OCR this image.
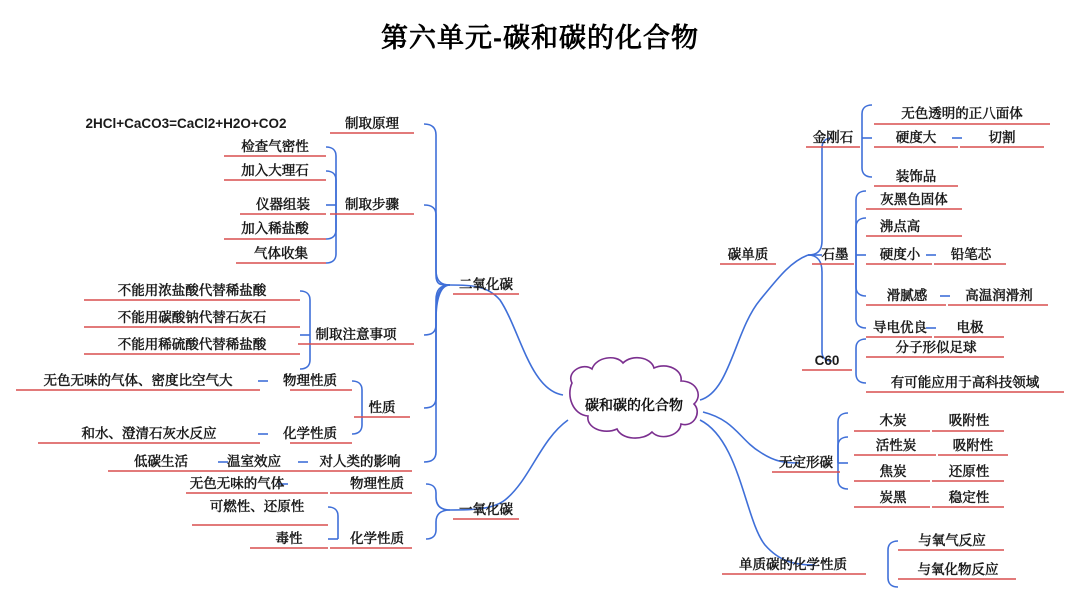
第六单元-碳和碳的化合物
碳和碳的化合物
二氧化碳
2HCl+CaCO3=CaCl2+H2O+CO2	制取原理
检查气密性
加入大理石
仪器组装
加入稀盐酸
气体收集
制取步骤
不能用浓盐酸代替稀盐酸
不能用碳酸钠代替石灰石
不能用稀硫酸代替稀盐酸
制取注意事项
性质
物理性质
无色无味的气体、密度比空气大
化学性质
和水、澄清石灰水反应
对人类的影响
温室效应
低碳生活
一氧化碳
物理性质
无色无味的气体
化学性质
可燃性、还原性
毒性
碳单质
金刚石
无色透明的正八面体
硬度大	切割
装饰品
石墨
灰黑色固体
沸点高
硬度小 铅笔芯
滑腻感	高温润滑剂
导电优良 电极
C60
分子形似足球
有可能应用于高科技领域
无定形碳
木炭	吸附性
活性炭	吸附性
焦炭	还原性
炭黑	稳定性
单质碳的化学性质
与氧气反应
与氧化物反应
